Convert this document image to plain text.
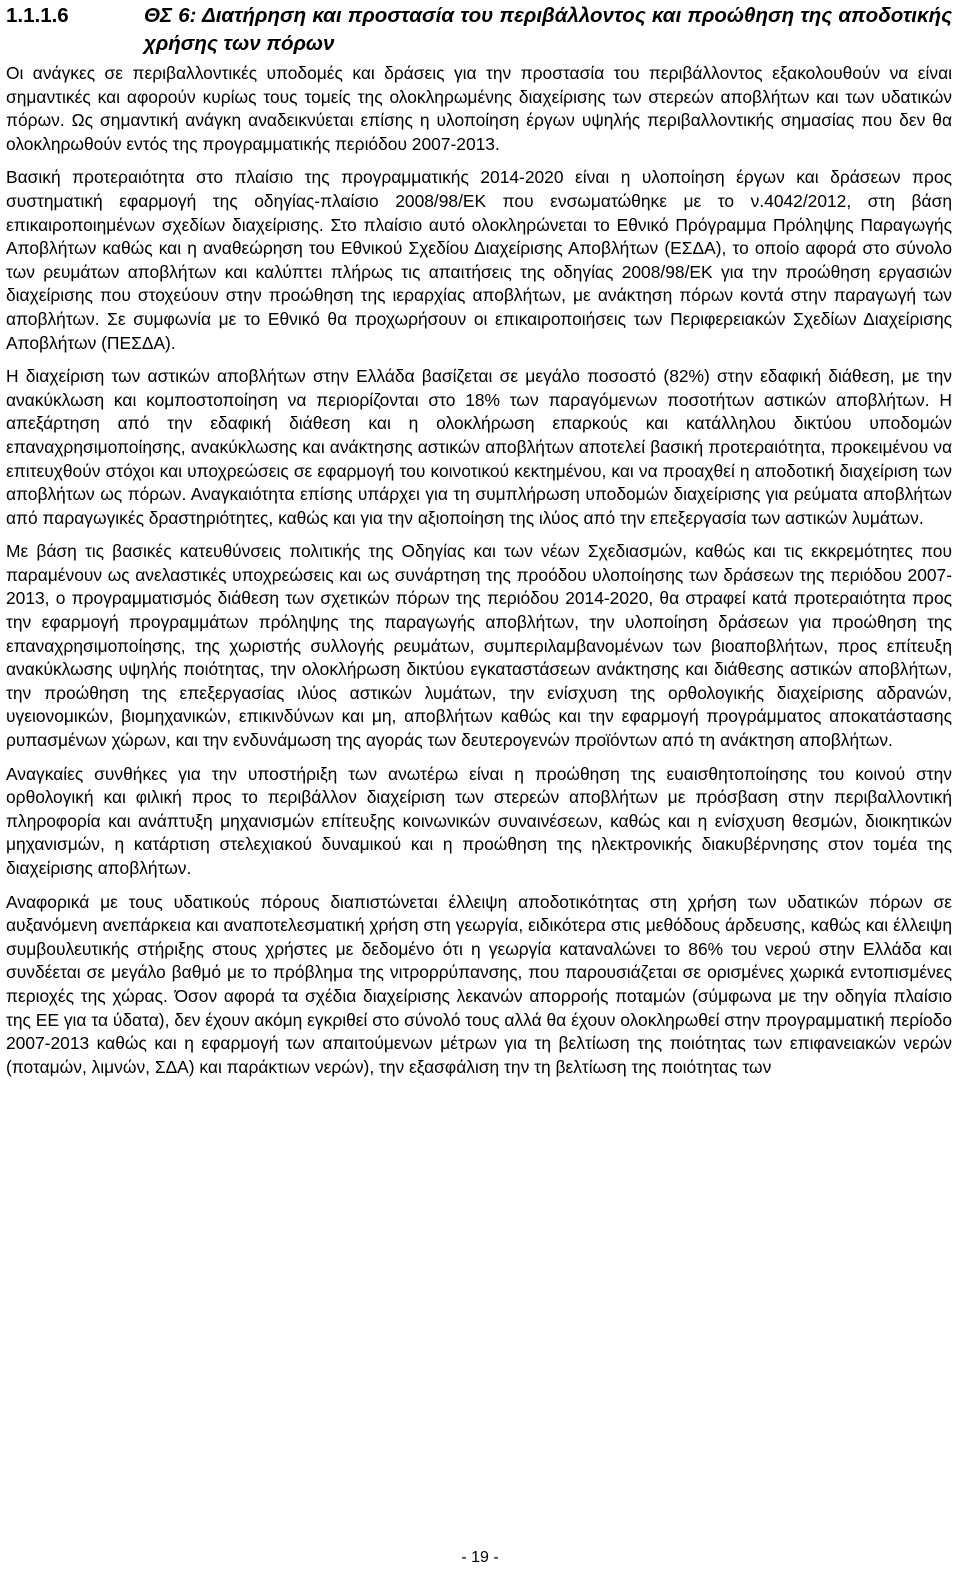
1.1.1.6	ΘΣ 6: Διατήρηση και προστασία του περιβάλλοντος και προώθηση της αποδοτικής χρήσης των πόρων

Οι ανάγκες σε περιβαλλοντικές υποδομές και δράσεις για την προστασία του περιβάλλοντος εξακολουθούν να είναι σημαντικές και αφορούν κυρίως τους τομείς της ολοκληρωμένης διαχείρισης των στερεών αποβλήτων και των υδατικών πόρων. Ως σημαντική ανάγκη αναδεικνύεται επίσης η υλοποίηση έργων υψηλής περιβαλλοντικής σημασίας που δεν θα ολοκληρωθούν εντός της προγραμματικής περιόδου 2007-2013.

Βασική προτεραιότητα στο πλαίσιο της προγραμματικής 2014-2020 είναι η υλοποίηση έργων και δράσεων προς συστηματική εφαρμογή της οδηγίας-πλαίσιο 2008/98/ΕΚ που ενσωματώθηκε με το ν.4042/2012, στη βάση επικαιροποιημένων σχεδίων διαχείρισης. Στο πλαίσιο αυτό ολοκληρώνεται το Εθνικό Πρόγραμμα Πρόληψης Παραγωγής Αποβλήτων καθώς και η αναθεώρηση του Εθνικού Σχεδίου Διαχείρισης Αποβλήτων (ΕΣΔΑ), το οποίο αφορά στο σύνολο των ρευμάτων αποβλήτων και καλύπτει πλήρως τις απαιτήσεις της οδηγίας 2008/98/ΕΚ για την προώθηση εργασιών διαχείρισης που στοχεύουν στην προώθηση της ιεραρχίας αποβλήτων, με ανάκτηση πόρων κοντά στην παραγωγή των αποβλήτων. Σε συμφωνία με το Εθνικό θα προχωρήσουν οι επικαιροποιήσεις των Περιφερειακών Σχεδίων Διαχείρισης Αποβλήτων (ΠΕΣΔΑ).

Η διαχείριση των αστικών αποβλήτων στην Ελλάδα βασίζεται σε μεγάλο ποσοστό (82%) στην εδαφική διάθεση, με την ανακύκλωση και κομποστοποίηση να περιορίζονται στο 18% των παραγόμενων ποσοτήτων αστικών αποβλήτων. Η απεξάρτηση από την εδαφική διάθεση και η ολοκλήρωση επαρκούς και κατάλληλου δικτύου υποδομών επαναχρησιμοποίησης, ανακύκλωσης και ανάκτησης αστικών αποβλήτων αποτελεί βασική προτεραιότητα, προκειμένου να επιτευχθούν στόχοι και υποχρεώσεις σε εφαρμογή του κοινοτικού κεκτημένου, και να προαχθεί η αποδοτική διαχείριση των αποβλήτων ως πόρων. Αναγκαιότητα επίσης υπάρχει για τη συμπλήρωση υποδομών διαχείρισης για ρεύματα αποβλήτων από παραγωγικές δραστηριότητες, καθώς και για την αξιοποίηση της ιλύος από την επεξεργασία των αστικών λυμάτων.

Με βάση τις βασικές κατευθύνσεις πολιτικής της Οδηγίας και των νέων Σχεδιασμών, καθώς και τις εκκρεμότητες που παραμένουν ως ανελαστικές υποχρεώσεις και ως συνάρτηση της προόδου υλοποίησης των δράσεων της περιόδου 2007-2013, ο προγραμματισμός διάθεση των σχετικών πόρων της περιόδου 2014-2020, θα στραφεί κατά προτεραιότητα προς την εφαρμογή προγραμμάτων πρόληψης της παραγωγής αποβλήτων, την υλοποίηση δράσεων για προώθηση της επαναχρησιμοποίησης, της χωριστής συλλογής ρευμάτων, συμπεριλαμβανομένων των βιοαποβλήτων, προς επίτευξη ανακύκλωσης υψηλής ποιότητας, την ολοκλήρωση δικτύου εγκαταστάσεων ανάκτησης και διάθεσης αστικών αποβλήτων, την προώθηση της επεξεργασίας ιλύος αστικών λυμάτων, την ενίσχυση της ορθολογικής διαχείρισης αδρανών, υγειονομικών, βιομηχανικών, επικινδύνων και μη, αποβλήτων καθώς και την εφαρμογή προγράμματος αποκατάστασης ρυπασμένων χώρων, και την ενδυνάμωση της αγοράς των δευτερογενών προϊόντων από τη ανάκτηση αποβλήτων.

Αναγκαίες συνθήκες για την υποστήριξη των ανωτέρω είναι η προώθηση της ευαισθητοποίησης του κοινού στην ορθολογική και φιλική προς το περιβάλλον διαχείριση των στερεών αποβλήτων με πρόσβαση στην περιβαλλοντική πληροφορία και ανάπτυξη μηχανισμών επίτευξης κοινωνικών συναινέσεων, καθώς και η ενίσχυση θεσμών, διοικητικών μηχανισμών, η κατάρτιση στελεχιακού δυναμικού και η προώθηση της ηλεκτρονικής διακυβέρνησης στον τομέα της διαχείρισης αποβλήτων.

Αναφορικά με τους υδατικούς πόρους διαπιστώνεται έλλειψη αποδοτικότητας στη χρήση των υδατικών πόρων σε αυξανόμενη ανεπάρκεια και αναποτελεσματική χρήση στη γεωργία, ειδικότερα στις μεθόδους άρδευσης, καθώς και έλλειψη συμβουλευτικής στήριξης στους χρήστες με δεδομένο ότι η γεωργία καταναλώνει το 86% του νερού στην Ελλάδα και συνδέεται σε μεγάλο βαθμό με το πρόβλημα της νιτρορρύπανσης, που παρουσιάζεται σε ορισμένες χωρικά εντοπισμένες περιοχές της χώρας. Όσον αφορά τα σχέδια διαχείρισης λεκανών απορροής ποταμών (σύμφωνα με την οδηγία πλαίσιο της ΕΕ για τα ύδατα), δεν έχουν ακόμη εγκριθεί στο σύνολό τους αλλά θα έχουν ολοκληρωθεί στην προγραμματική περίοδο 2007-2013 καθώς και η εφαρμογή των απαιτούμενων μέτρων για τη βελτίωση της ποιότητας των επιφανειακών νερών (ποταμών, λιμνών, ΣΔΑ) και παράκτιων νερών), την εξασφάλιση την τη βελτίωση της ποιότητας των

- 19 -
